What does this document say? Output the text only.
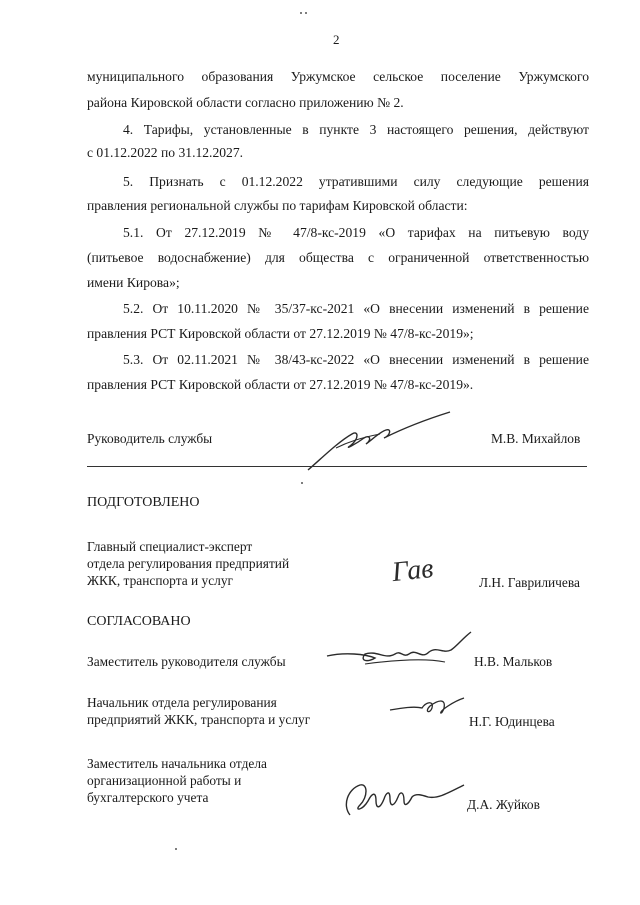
2
муниципального образования Уржумское сельское поселение Уржумского
района Кировской области согласно приложению № 2.
4. Тарифы, установленные в пункте 3 настоящего решения, действуют
с 01.12.2022 по 31.12.2027.
5. Признать с 01.12.2022 утратившими силу следующие решения
правления региональной службы по тарифам Кировской области:
5.1. От 27.12.2019 № 47/8-кс-2019 «О тарифах на питьевую воду
(питьевое водоснабжение) для общества с ограниченной ответственностью
имени Кирова»;
5.2. От 10.11.2020 № 35/37-кс-2021 «О внесении изменений в решение
правления РСТ Кировской области от 27.12.2019 № 47/8-кс-2019»;
5.3. От 02.11.2021 № 38/43-кс-2022 «О внесении изменений в решение
правления РСТ Кировской области от 27.12.2019 № 47/8-кс-2019».
Руководитель службы	М.В. Михайлов
ПОДГОТОВЛЕНО
Главный специалист-эксперт
отдела регулирования предприятий
ЖКК, транспорта и услуг	Гав	Л.Н. Гавриличева
СОГЛАСОВАНО
Заместитель руководителя службы	Н.В. Мальков
Начальник отдела регулирования
предприятий ЖКК, транспорта и услуг	Н.Г. Юдинцева
Заместитель начальника отдела
организационной работы и
бухгалтерского учета	Д.А. Жуйков
